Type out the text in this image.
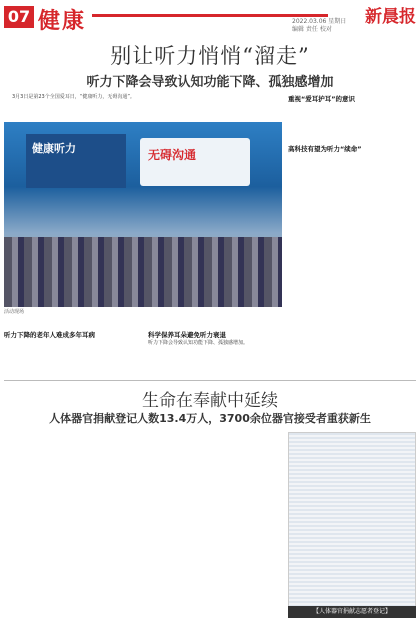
07 健康	2022.03.06 星期日
编辑 责任 校对
新晨报
别让听力悄悄“溜走”
听力下降会导致认知功能下降、孤独感增加
3月3日是第23个全国爱耳日，“健康听力，无碍沟通”。
健康听力	无碍沟通
活动现场
听力下降的老年人难成多年耳病	科学保养耳朵避免听力衰退
听力下降会导致认知功能下降、孤独感增加。
重视“爱耳护耳”的意识
高科技有望为听力“续命”
生命在奉献中延续
人体器官捐献登记人数13.4万人，3700余位器官接受者重获新生
【人体器官捐献志愿者登记】
